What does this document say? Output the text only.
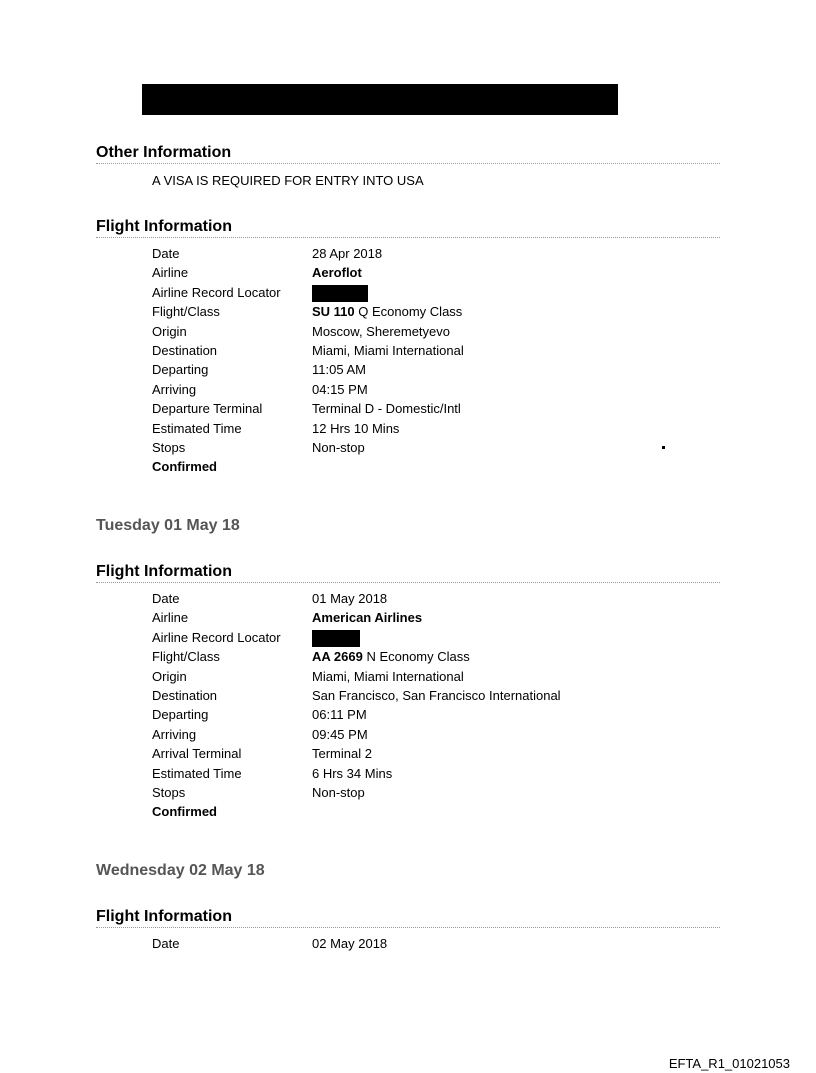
Other Information
A VISA IS REQUIRED FOR ENTRY INTO USA
Flight Information
Date	28 Apr 2018
Airline	Aeroflot
Airline Record Locator
Flight/Class	SU 110 Q Economy Class
Origin	Moscow, Sheremetyevo
Destination	Miami, Miami International
Departing	11:05 AM
Arriving	04:15 PM
Departure Terminal	Terminal D - Domestic/Intl
Estimated Time	12 Hrs 10 Mins
Stops	Non-stop
Confirmed
Tuesday 01 May 18
Flight Information
Date	01 May 2018
Airline	American Airlines
Airline Record Locator
Flight/Class	AA 2669 N Economy Class
Origin	Miami, Miami International
Destination	San Francisco, San Francisco International
Departing	06:11 PM
Arriving	09:45 PM
Arrival Terminal	Terminal 2
Estimated Time	6 Hrs 34 Mins
Stops	Non-stop
Confirmed
Wednesday 02 May 18
Flight Information
Date	02 May 2018
EFTA_R1_01021053
